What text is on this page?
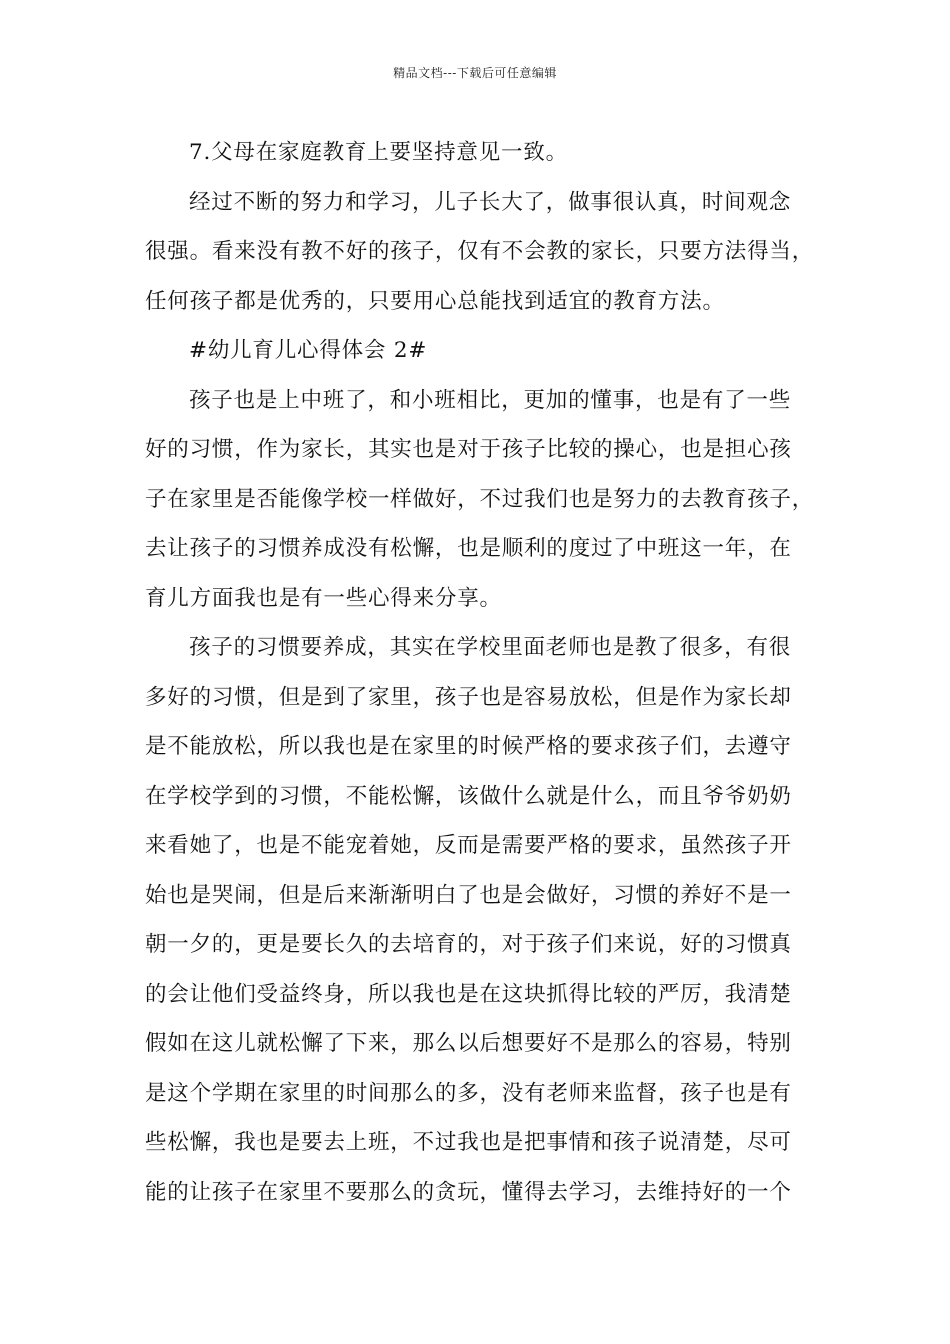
精品文档---下载后可任意编辑
7.父母在家庭教育上要坚持意见一致。
经过不断的努力和学习，儿子长大了，做事很认真，时间观念
很强。看来没有教不好的孩子，仅有不会教的家长，只要方法得当，
任何孩子都是优秀的，只要用心总能找到适宜的教育方法。
#幼儿育儿心得体会 2#
孩子也是上中班了，和小班相比，更加的懂事，也是有了一些
好的习惯，作为家长，其实也是对于孩子比较的操心，也是担心孩
子在家里是否能像学校一样做好，不过我们也是努力的去教育孩子，
去让孩子的习惯养成没有松懈，也是顺利的度过了中班这一年，在
育儿方面我也是有一些心得来分享。
孩子的习惯要养成，其实在学校里面老师也是教了很多，有很
多好的习惯，但是到了家里，孩子也是容易放松，但是作为家长却
是不能放松，所以我也是在家里的时候严格的要求孩子们，去遵守
在学校学到的习惯，不能松懈，该做什么就是什么，而且爷爷奶奶
来看她了，也是不能宠着她，反而是需要严格的要求，虽然孩子开
始也是哭闹，但是后来渐渐明白了也是会做好，习惯的养好不是一
朝一夕的，更是要长久的去培育的，对于孩子们来说，好的习惯真
的会让他们受益终身，所以我也是在这块抓得比较的严厉，我清楚
假如在这儿就松懈了下来，那么以后想要好不是那么的容易，特别
是这个学期在家里的时间那么的多，没有老师来监督，孩子也是有
些松懈，我也是要去上班，不过我也是把事情和孩子说清楚，尽可
能的让孩子在家里不要那么的贪玩，懂得去学习，去维持好的一个
